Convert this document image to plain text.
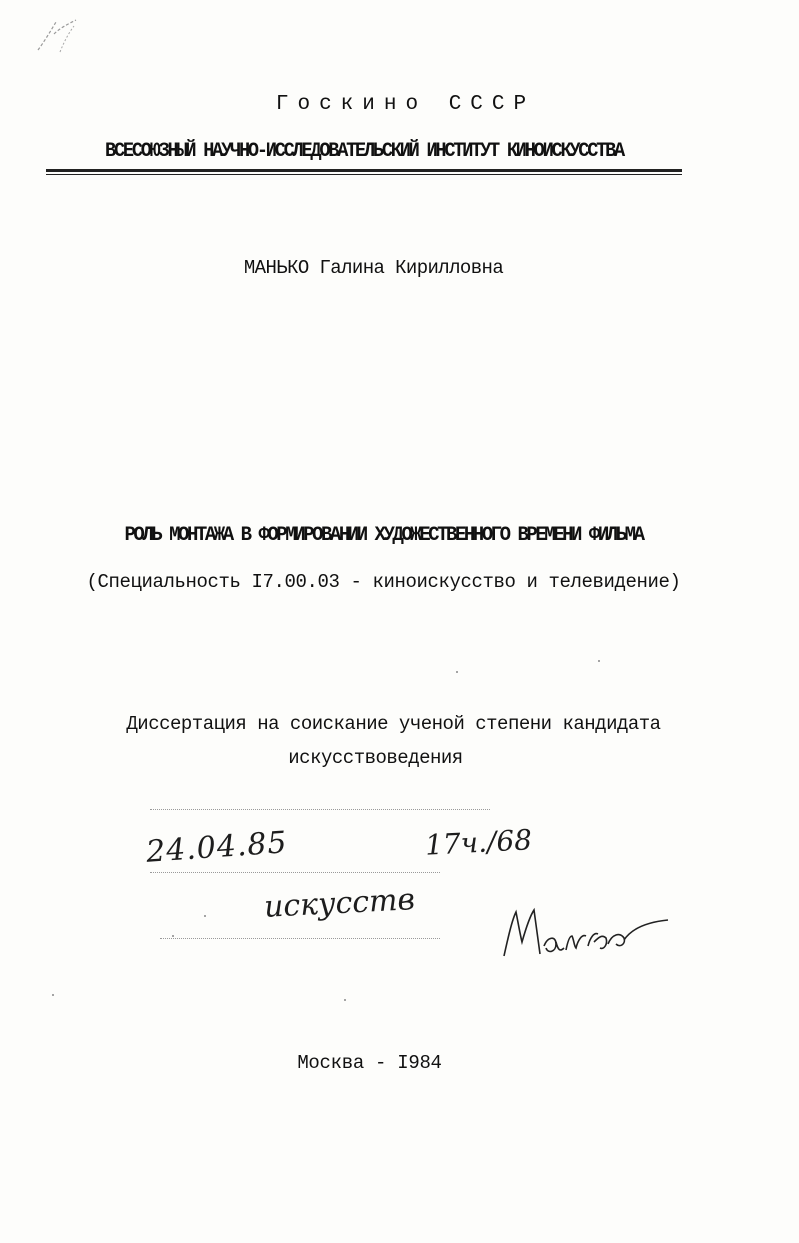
Госкино СССР
ВСЕСОЮЗНЫЙ НАУЧНО-ИССЛЕДОВАТЕЛЬСКИЙ ИНСТИТУТ КИНОИСКУССТВА
МАНЬКО Галина Кирилловна
РОЛЬ МОНТАЖА В ФОРМИРОВАНИИ ХУДОЖЕСТВЕННОГО ВРЕМЕНИ ФИЛЬМА
(Специальность I7.00.03 - киноискусство и телевидение)
Диссертация на соискание ученой степени кандидата
искусствоведения
24.04.85	17ч./68
искусств
Москва - I984
